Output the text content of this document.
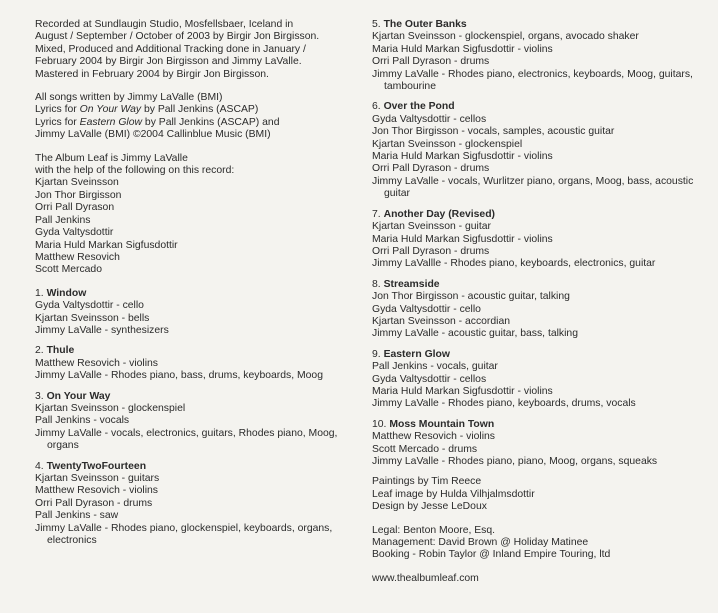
Recorded at Sundlaugin Studio, Mosfellsbaer, Iceland in

August / September / October of 2003 by Birgir Jon Birgisson.

Mixed, Produced and Additional Tracking done in January /

February 2004 by Birgir Jon Birgisson and Jimmy LaValle.

Mastered in February 2004 by Birgir Jon Birgisson.

All songs written by Jimmy LaValle (BMI)

Lyrics for On Your Way by Pall Jenkins (ASCAP)

Lyrics for Eastern Glow by Pall Jenkins (ASCAP) and

Jimmy LaValle (BMI) ©2004 Callinblue Music (BMI)

The Album Leaf is Jimmy LaValle

with the help of the following on this record:

Kjartan Sveinsson

Jon Thor Birgisson

Orri Pall Dyrason

Pall Jenkins

Gyda Valtysdottir

Maria Huld Markan Sigfusdottir

Matthew Resovich

Scott Mercado

1. Window

Gyda Valtysdottir - cello

Kjartan Sveinsson - bells

Jimmy LaValle - synthesizers

2. Thule

Matthew Resovich - violins

Jimmy LaValle - Rhodes piano, bass, drums, keyboards, Moog

3. On Your Way

Kjartan Sveinsson - glockenspiel

Pall Jenkins - vocals

Jimmy LaValle - vocals, electronics, guitars, Rhodes piano, Moog, organs

4. TwentyTwoFourteen

Kjartan Sveinsson - guitars

Matthew Resovich - violins

Orri Pall Dyrason - drums

Pall Jenkins - saw

Jimmy LaValle - Rhodes piano, glockenspiel, keyboards, organs, electronics

5. The Outer Banks

Kjartan Sveinsson - glockenspiel, organs, avocado shaker

Maria Huld Markan Sigfusdottir - violins

Orri Pall Dyrason - drums

Jimmy LaValle - Rhodes piano, electronics, keyboards, Moog, guitars, tambourine

6. Over the Pond

Gyda Valtysdottir - cellos

Jon Thor Birgisson - vocals, samples, acoustic guitar

Kjartan Sveinsson - glockenspiel

Maria Huld Markan Sigfusdottir - violins

Orri Pall Dyrason - drums

Jimmy LaValle - vocals, Wurlitzer piano, organs, Moog, bass, acoustic guitar

7. Another Day (Revised)

Kjartan Sveinsson - guitar

Maria Huld Markan Sigfusdottir - violins

Orri Pall Dyrason - drums

Jimmy LaVallle - Rhodes piano, keyboards, electronics, guitar

8. Streamside

Jon Thor Birgisson - acoustic guitar, talking

Gyda Valtysdottir - cello

Kjartan Sveinsson - accordian

Jimmy LaValle - acoustic guitar, bass, talking

9. Eastern Glow

Pall Jenkins - vocals, guitar

Gyda Valtysdottir - cellos

Maria Huld Markan Sigfusdottir - violins

Jimmy LaValle - Rhodes piano, keyboards, drums, vocals

10. Moss Mountain Town

Matthew Resovich - violins

Scott Mercado - drums

Jimmy LaValle - Rhodes piano, piano, Moog, organs, squeaks

Paintings by Tim Reece

Leaf image by Hulda Vilhjalmsdottir

Design by Jesse LeDoux

Legal: Benton Moore, Esq.

Management: David Brown @ Holiday Matinee

Booking - Robin Taylor @ Inland Empire Touring, ltd

www.thealbumleaf.com
